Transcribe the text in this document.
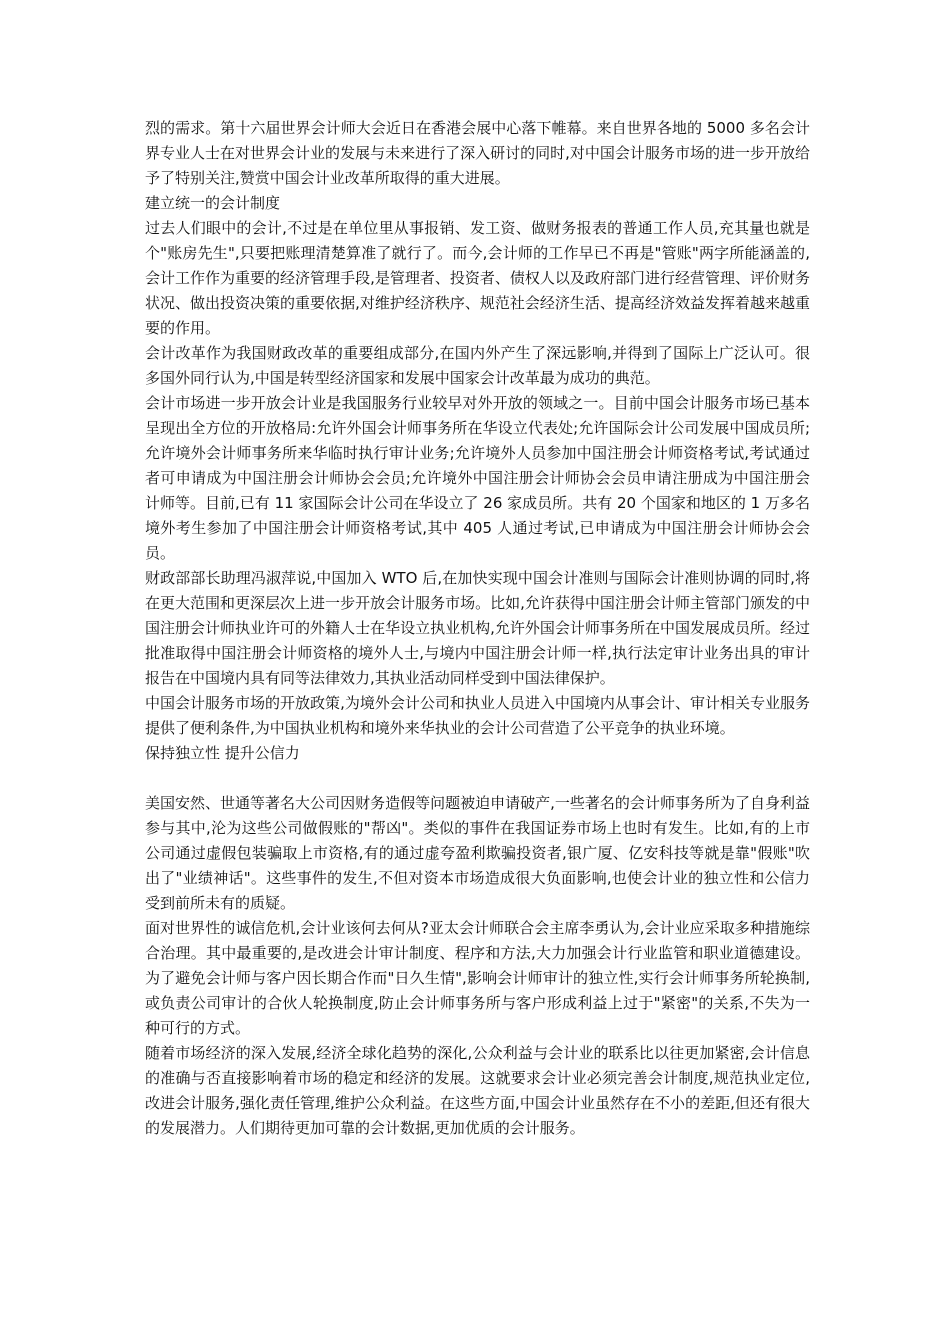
烈的需求。第十六届世界会计师大会近日在香港会展中心落下帷幕。来自世界各地的 5000 多名会计界专业人士在对世界会计业的发展与未来进行了深入研讨的同时,对中国会计服务市场的进一步开放给予了特别关注,赞赏中国会计业改革所取得的重大进展。

建立统一的会计制度

过去人们眼中的会计,不过是在单位里从事报销、发工资、做财务报表的普通工作人员,充其量也就是个"账房先生",只要把账理清楚算准了就行了。而今,会计师的工作早已不再是"管账"两字所能涵盖的,会计工作作为重要的经济管理手段,是管理者、投资者、债权人以及政府部门进行经营管理、评价财务状况、做出投资决策的重要依据,对维护经济秩序、规范社会经济生活、提高经济效益发挥着越来越重要的作用。

会计改革作为我国财政改革的重要组成部分,在国内外产生了深远影响,并得到了国际上广泛认可。很多国外同行认为,中国是转型经济国家和发展中国家会计改革最为成功的典范。

会计市场进一步开放会计业是我国服务行业较早对外开放的领域之一。目前中国会计服务市场已基本呈现出全方位的开放格局:允许外国会计师事务所在华设立代表处;允许国际会计公司发展中国成员所;允许境外会计师事务所来华临时执行审计业务;允许境外人员参加中国注册会计师资格考试,考试通过者可申请成为中国注册会计师协会会员;允许境外中国注册会计师协会会员申请注册成为中国注册会计师等。目前,已有 11 家国际会计公司在华设立了 26 家成员所。共有 20 个国家和地区的 1 万多名境外考生参加了中国注册会计师资格考试,其中 405 人通过考试,已申请成为中国注册会计师协会会员。

财政部部长助理冯淑萍说,中国加入 WTO 后,在加快实现中国会计准则与国际会计准则协调的同时,将在更大范围和更深层次上进一步开放会计服务市场。比如,允许获得中国注册会计师主管部门颁发的中国注册会计师执业许可的外籍人士在华设立执业机构,允许外国会计师事务所在中国发展成员所。经过批准取得中国注册会计师资格的境外人士,与境内中国注册会计师一样,执行法定审计业务出具的审计报告在中国境内具有同等法律效力,其执业活动同样受到中国法律保护。

中国会计服务市场的开放政策,为境外会计公司和执业人员进入中国境内从事会计、审计相关专业服务提供了便利条件,为中国执业机构和境外来华执业的会计公司营造了公平竞争的执业环境。

保持独立性 提升公信力

美国安然、世通等著名大公司因财务造假等问题被迫申请破产,一些著名的会计师事务所为了自身利益参与其中,沦为这些公司做假账的"帮凶"。类似的事件在我国证券市场上也时有发生。比如,有的上市公司通过虚假包装骗取上市资格,有的通过虚夸盈利欺骗投资者,银广厦、亿安科技等就是靠"假账"吹出了"业绩神话"。这些事件的发生,不但对资本市场造成很大负面影响,也使会计业的独立性和公信力受到前所未有的质疑。

面对世界性的诚信危机,会计业该何去何从?亚太会计师联合会主席李勇认为,会计业应采取多种措施综合治理。其中最重要的,是改进会计审计制度、程序和方法,大力加强会计行业监管和职业道德建设。为了避免会计师与客户因长期合作而"日久生情",影响会计师审计的独立性,实行会计师事务所轮换制,或负责公司审计的合伙人轮换制度,防止会计师事务所与客户形成利益上过于"紧密"的关系,不失为一种可行的方式。

随着市场经济的深入发展,经济全球化趋势的深化,公众利益与会计业的联系比以往更加紧密,会计信息的准确与否直接影响着市场的稳定和经济的发展。这就要求会计业必须完善会计制度,规范执业定位,改进会计服务,强化责任管理,维护公众利益。在这些方面,中国会计业虽然存在不小的差距,但还有很大的发展潜力。人们期待更加可靠的会计数据,更加优质的会计服务。
